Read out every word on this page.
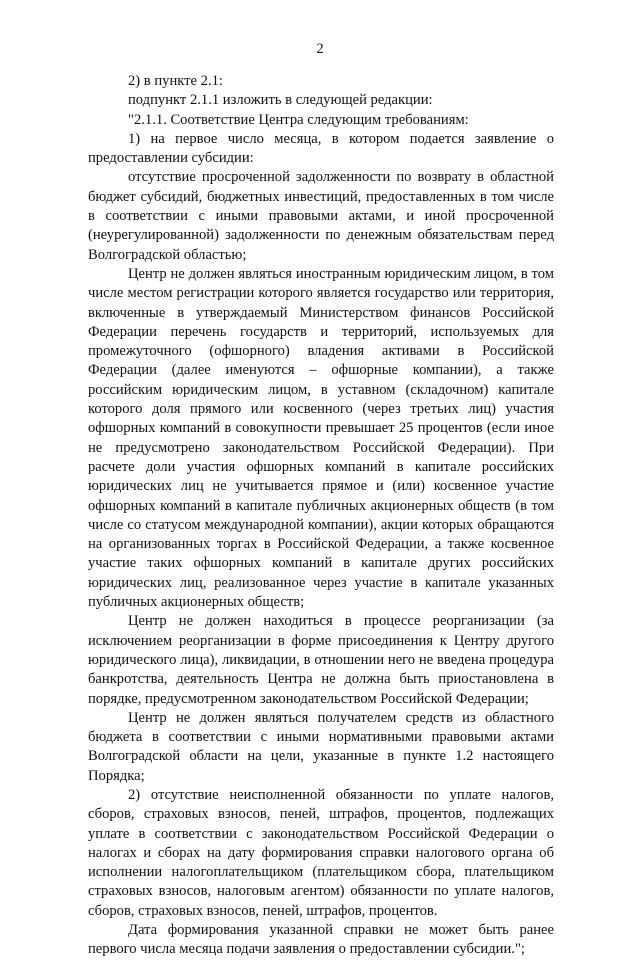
2

2) в пункте 2.1:

подпункт 2.1.1 изложить в следующей редакции:

"2.1.1. Соответствие Центра следующим требованиям:

1) на первое число месяца, в котором подается заявление о предоставлении субсидии:

отсутствие просроченной задолженности по возврату в областной бюджет субсидий, бюджетных инвестиций, предоставленных в том числе в соответствии с иными правовыми актами, и иной просроченной (неурегулированной) задолженности по денежным обязательствам перед Волгоградской областью;

Центр не должен являться иностранным юридическим лицом, в том числе местом регистрации которого является государство или территория, включенные в утверждаемый Министерством финансов Российской Федерации перечень государств и территорий, используемых для промежуточного (офшорного) владения активами в Российской Федерации (далее именуются – офшорные компании), а также российским юридическим лицом, в уставном (складочном) капитале которого доля прямого или косвенного (через третьих лиц) участия офшорных компаний в совокупности превышает 25 процентов (если иное не предусмотрено законодательством Российской Федерации). При расчете доли участия офшорных компаний в капитале российских юридических лиц не учитывается прямое и (или) косвенное участие офшорных компаний в капитале публичных акционерных обществ (в том числе со статусом международной компании), акции которых обращаются на организованных торгах в Российской Федерации, а также косвенное участие таких офшорных компаний в капитале других российских юридических лиц, реализованное через участие в капитале указанных публичных акционерных обществ;

Центр не должен находиться в процессе реорганизации (за исключением реорганизации в форме присоединения к Центру другого юридического лица), ликвидации, в отношении него не введена процедура банкротства, деятельность Центра не должна быть приостановлена в порядке, предусмотренном законодательством Российской Федерации;

Центр не должен являться получателем средств из областного бюджета в соответствии с иными нормативными правовыми актами Волгоградской области на цели, указанные в пункте 1.2 настоящего Порядка;

2) отсутствие неисполненной обязанности по уплате налогов, сборов, страховых взносов, пеней, штрафов, процентов, подлежащих уплате в соответствии с законодательством Российской Федерации о налогах и сборах на дату формирования справки налогового органа об исполнении налогоплательщиком (плательщиком сбора, плательщиком страховых взносов, налоговым агентом) обязанности по уплате налогов, сборов, страховых взносов, пеней, штрафов, процентов.

Дата формирования указанной справки не может быть ранее первого числа месяца подачи заявления о предоставлении субсидии.";
